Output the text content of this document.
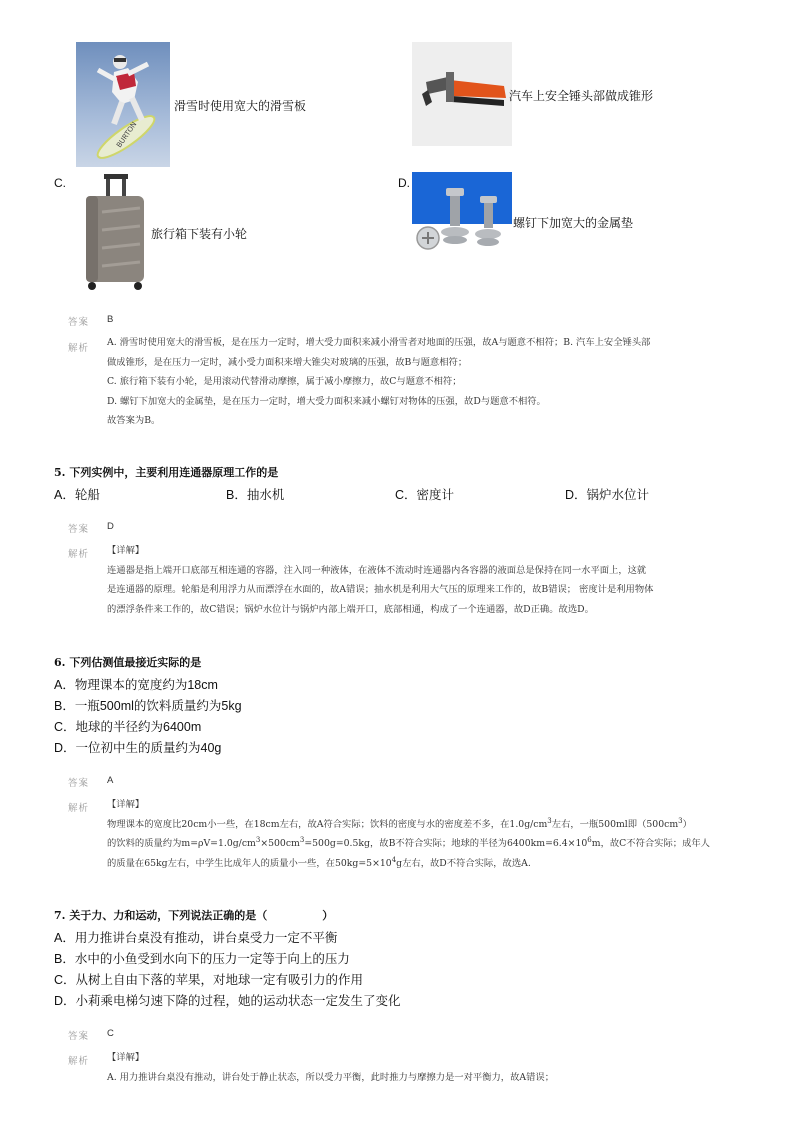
BURTON
滑雪时使用宽大的滑雪板
汽车上安全锤头部做成锥形
C.
旅行箱下装有小轮
D.
螺钉下加宽大的金属垫
答案 B
解析
A. 滑雪时使用宽大的滑雪板，是在压力一定时，增大受力面积来减小滑雪者对地面的压强，故A与题意不相符；B. 汽车上安全锤头部
做成锥形，是在压力一定时，减小受力面积来增大锥尖对玻璃的压强，故B与题意相符；
C. 旅行箱下装有小轮，是用滚动代替滑动摩擦，属于减小摩擦力，故C与题意不相符；
D. 螺钉下加宽大的金属垫，是在压力一定时，增大受力面积来减小螺钉对物体的压强，故D与题意不相符。
故答案为B。
5. 下列实例中，主要利用连通器原理工作的是
A．轮船	B．抽水机	C．密度计	D．锅炉水位计
答案 D
解析 【详解】
连通器是指上端开口底部互相连通的容器，注入同一种液体，在液体不流动时连通器内各容器的液面总是保持在同一水平面上，这就
是连通器的原理。轮船是利用浮力从而漂浮在水面的，故A错误；抽水机是利用大气压的原理来工作的，故B错误； 密度计是利用物体
的漂浮条件来工作的，故C错误；锅炉水位计与锅炉内部上端开口，底部相通，构成了一个连通器，故D正确。故选D。
6. 下列估测值最接近实际的是
A．物理课本的宽度约为18cm
B．一瓶500ml的饮料质量约为5kg
C．地球的半径约为6400m
D．一位初中生的质量约为40g
答案 A
解析 【详解】
物理课本的宽度比20cm小一些，在18cm左右，故A符合实际；饮料的密度与水的密度差不多，在$1.0g/cm^3$左右，一瓶500ml即$(500cm^3)$
的饮料的质量约为$m=\rho V=1.0g/cm^3\times 500cm^3=500g=0.5kg$，故B不符合实际；地球的半径为$6400km=6.4\times 10^6m$，故C不符合实际；成年人
的质量在65kg左右，中学生比成年人的质量小一些，在$50kg=5\times 10^4g$左右，故D不符合实际，故选A.
7. 关于力、力和运动，下列说法正确的是（　　　　　）
A．用力推讲台桌没有推动，讲台桌受力一定不平衡
B．水中的小鱼受到水向下的压力一定等于向上的压力
C．从树上自由下落的苹果，对地球一定有吸引力的作用
D．小莉乘电梯匀速下降的过程，她的运动状态一定发生了变化
答案 C
解析 【详解】
A. 用力推讲台桌没有推动，讲台处于静止状态，所以受力平衡，此时推力与摩擦力是一对平衡力，故A错误；
